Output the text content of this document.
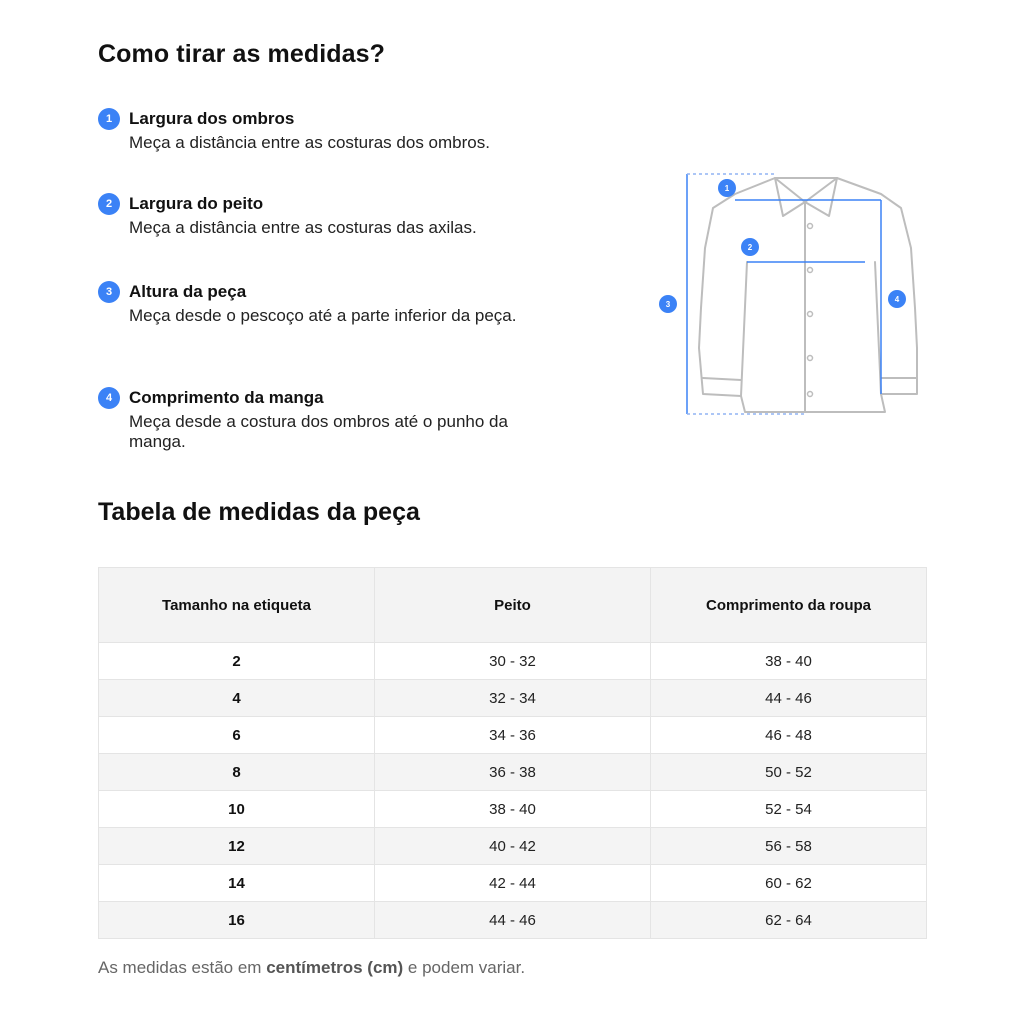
Como tirar as medidas?
1 Largura dos ombros
Meça a distância entre as costuras dos ombros.
2 Largura do peito
Meça a distância entre as costuras das axilas.
3 Altura da peça
Meça desde o pescoço até a parte inferior da peça.
4 Comprimento da manga
Meça desde a costura dos ombros até o punho da manga.
1
2
3
4
Tabela de medidas da peça
Tamanho na etiqueta	Peito	Comprimento da roupa
2	30 - 32	38 - 40
4	32 - 34	44 - 46
6	34 - 36	46 - 48
8	36 - 38	50 - 52
10	38 - 40	52 - 54
12	40 - 42	56 - 58
14	42 - 44	60 - 62
16	44 - 46	62 - 64
As medidas estão em centímetros (cm) e podem variar.
